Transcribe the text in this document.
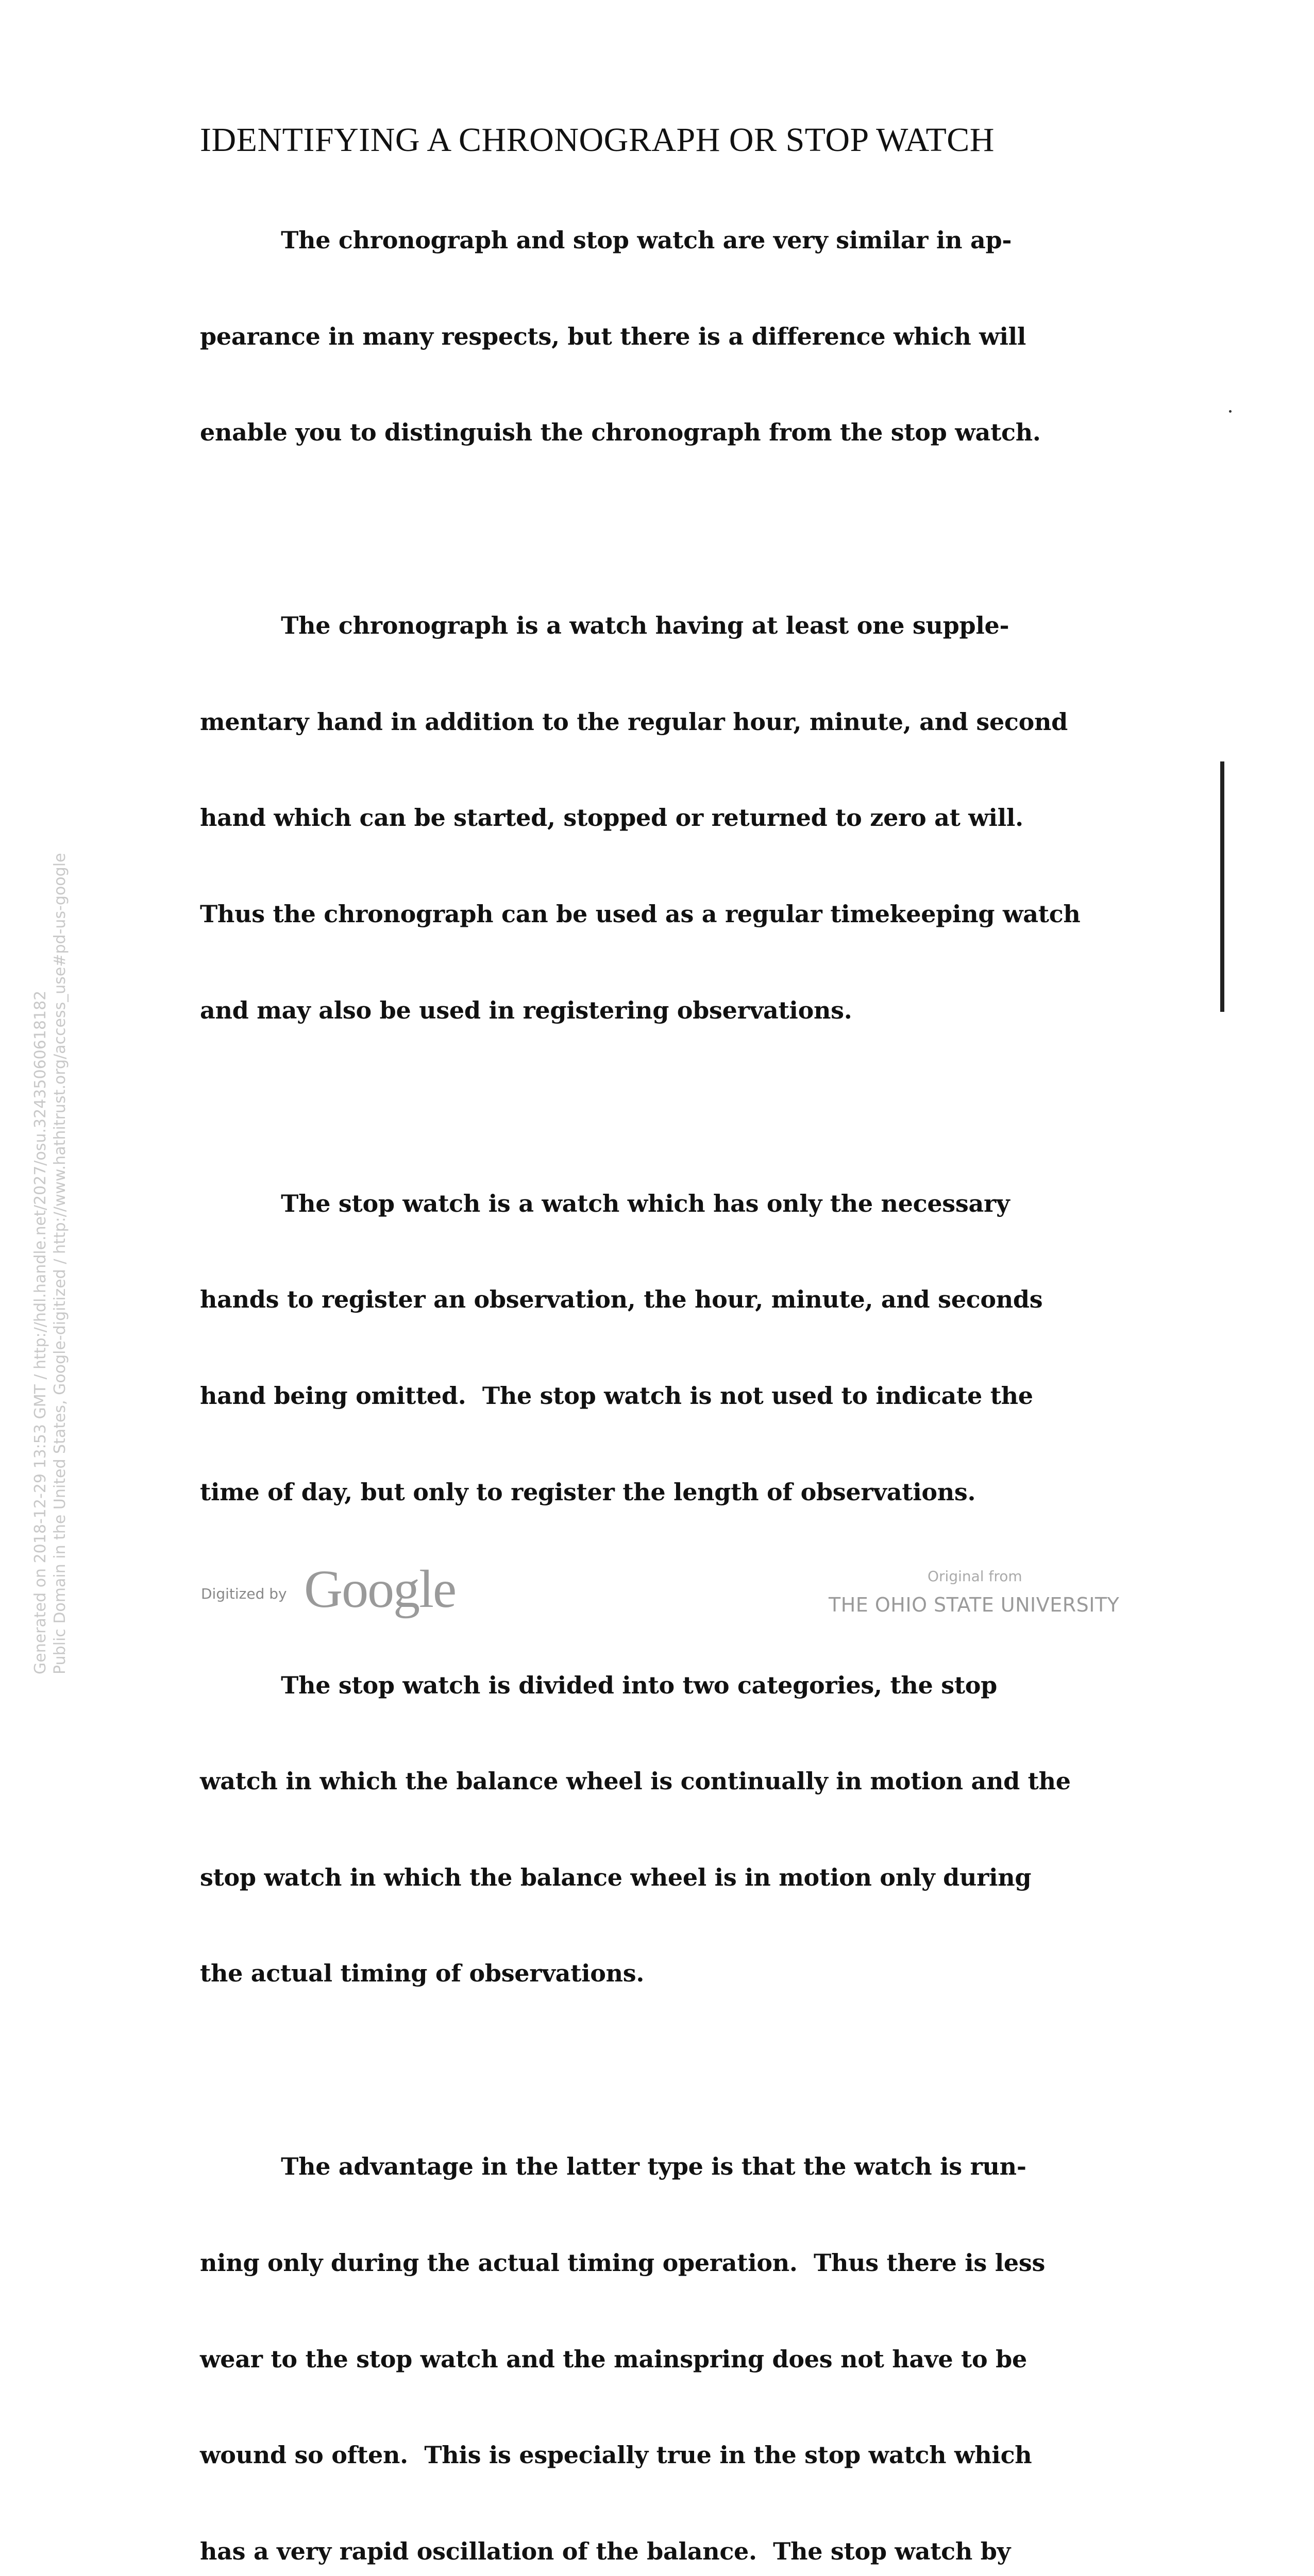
Generated on 2018-12-29 13:53 GMT / http://hdl.handle.net/2027/osu.32435060618182 Public Domain in the United States, Google-digitized / http://www.hathitrust.org/access_use#pd-us-google
IDENTIFYING A CHRONOGRAPH OR STOP WATCH

The chronograph and stop watch are very similar in ap-

pearance in many respects, but there is a difference which will

enable you to distinguish the chronograph from the stop watch.

The chronograph is a watch having at least one supple-

mentary hand in addition to the regular hour, minute, and second

hand which can be started, stopped or returned to zero at will.

Thus the chronograph can be used as a regular timekeeping watch

and may also be used in registering observations.

The stop watch is a watch which has only the necessary

hands to register an observation, the hour, minute, and seconds

hand being omitted.  The stop watch is not used to indicate the

time of day, but only to register the length of observations.

The stop watch is divided into two categories, the stop

watch in which the balance wheel is continually in motion and the

stop watch in which the balance wheel is in motion only during

the actual timing of observations.

The advantage in the latter type is that the watch is run-

ning only during the actual timing operation.  Thus there is less

wear to the stop watch and the mainspring does not have to be

wound so often.  This is especially true in the stop watch which

has a very rapid oscillation of the balance.  The stop watch by

Digitized by Google	Original from
THE OHIO STATE UNIVERSITY
